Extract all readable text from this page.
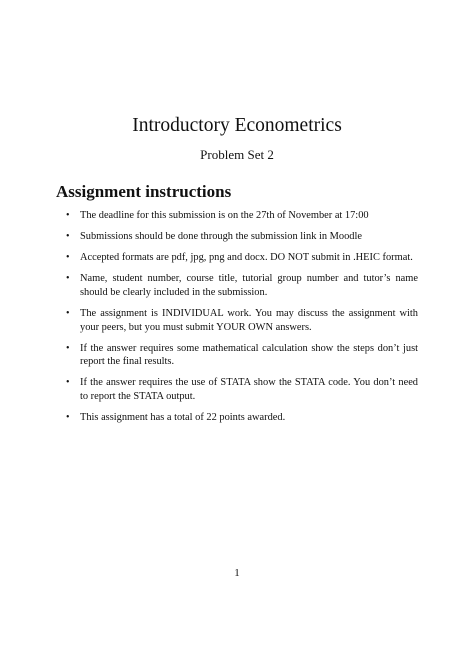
Introductory Econometrics
Problem Set 2
Assignment instructions
• The deadline for this submission is on the 27th of November at 17:00
• Submissions should be done through the submission link in Moodle
• Accepted formats are pdf, jpg, png and docx. DO NOT submit in .HEIC format.
• Name, student number, course title, tutorial group number and tutor’s name should be clearly included in the submission.
• The assignment is INDIVIDUAL work. You may discuss the assignment with your peers, but you must submit YOUR OWN answers.
• If the answer requires some mathematical calculation show the steps don’t just report the final results.
• If the answer requires the use of STATA show the STATA code. You don’t need to report the STATA output.
• This assignment has a total of 22 points awarded.
1
